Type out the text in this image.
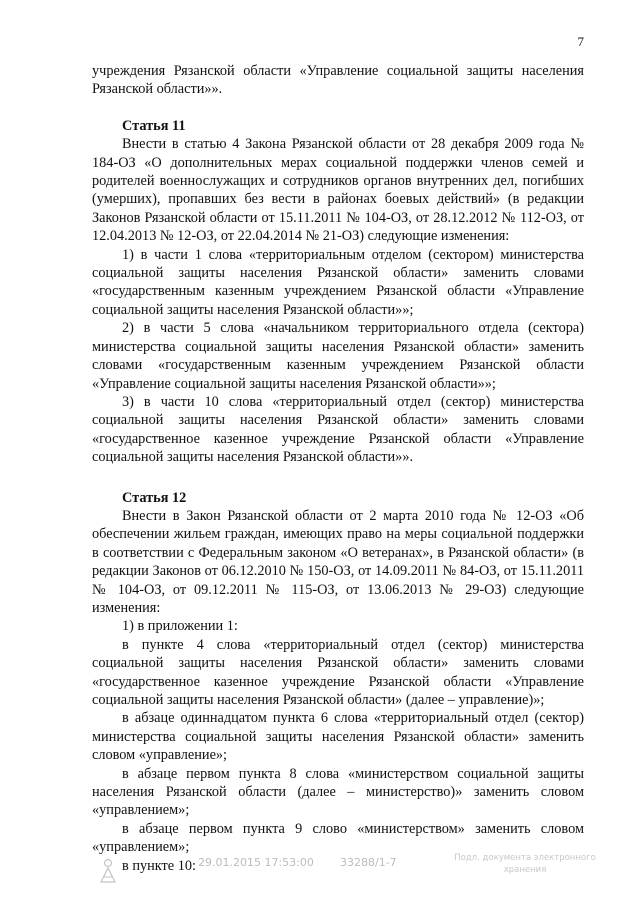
7

учреждения Рязанской области «Управление социальной защиты населения Рязанской области»».

Статья 11

Внести в статью 4 Закона Рязанской области от 28 декабря 2009 года № 184-ОЗ «О дополнительных мерах социальной поддержки членов семей и родителей военнослужащих и сотрудников органов внутренних дел, погибших (умерших), пропавших без вести в районах боевых действий» (в редакции Законов Рязанской области от 15.11.2011 № 104-ОЗ, от 28.12.2012 № 112-ОЗ, от 12.04.2013 № 12-ОЗ, от 22.04.2014 № 21-ОЗ) следующие изменения:

1) в части 1 слова «территориальным отделом (сектором) министерства социальной защиты населения Рязанской области» заменить словами «государственным казенным учреждением Рязанской области «Управление социальной защиты населения Рязанской области»»;

2) в части 5 слова «начальником территориального отдела (сектора) министерства социальной защиты населения Рязанской области» заменить словами «государственным казенным учреждением Рязанской области «Управление социальной защиты населения Рязанской области»»;

3) в части 10 слова «территориальный отдел (сектор) министерства социальной защиты населения Рязанской области» заменить словами «государственное казенное учреждение Рязанской области «Управление социальной защиты населения Рязанской области»».

Статья 12

Внести в Закон Рязанской области от 2 марта 2010 года № 12-ОЗ «Об обеспечении жильем граждан, имеющих право на меры социальной поддержки в соответствии с Федеральным законом «О ветеранах», в Рязанской области» (в редакции Законов от 06.12.2010 № 150-ОЗ, от 14.09.2011 № 84-ОЗ, от 15.11.2011 № 104-ОЗ, от 09.12.2011 № 115-ОЗ, от 13.06.2013 № 29-ОЗ) следующие изменения:

1) в приложении 1:

в пункте 4 слова «территориальный отдел (сектор) министерства социальной защиты населения Рязанской области» заменить словами «государственное казенное учреждение Рязанской области «Управление социальной защиты населения Рязанской области» (далее – управление)»;

в абзаце одиннадцатом пункта 6 слова «территориальный отдел (сектор) министерства социальной защиты населения Рязанской области» заменить словом «управление»;

в абзаце первом пункта 8 слова «министерством социальной защиты населения Рязанской области (далее – министерство)» заменить словом «управлением»;

в абзаце первом пункта 9 слово «министерством» заменить словом «управлением»;

в пункте 10: 29.01.2015 17:53:00 33288/1-7	Подл. документа электронного хранения
